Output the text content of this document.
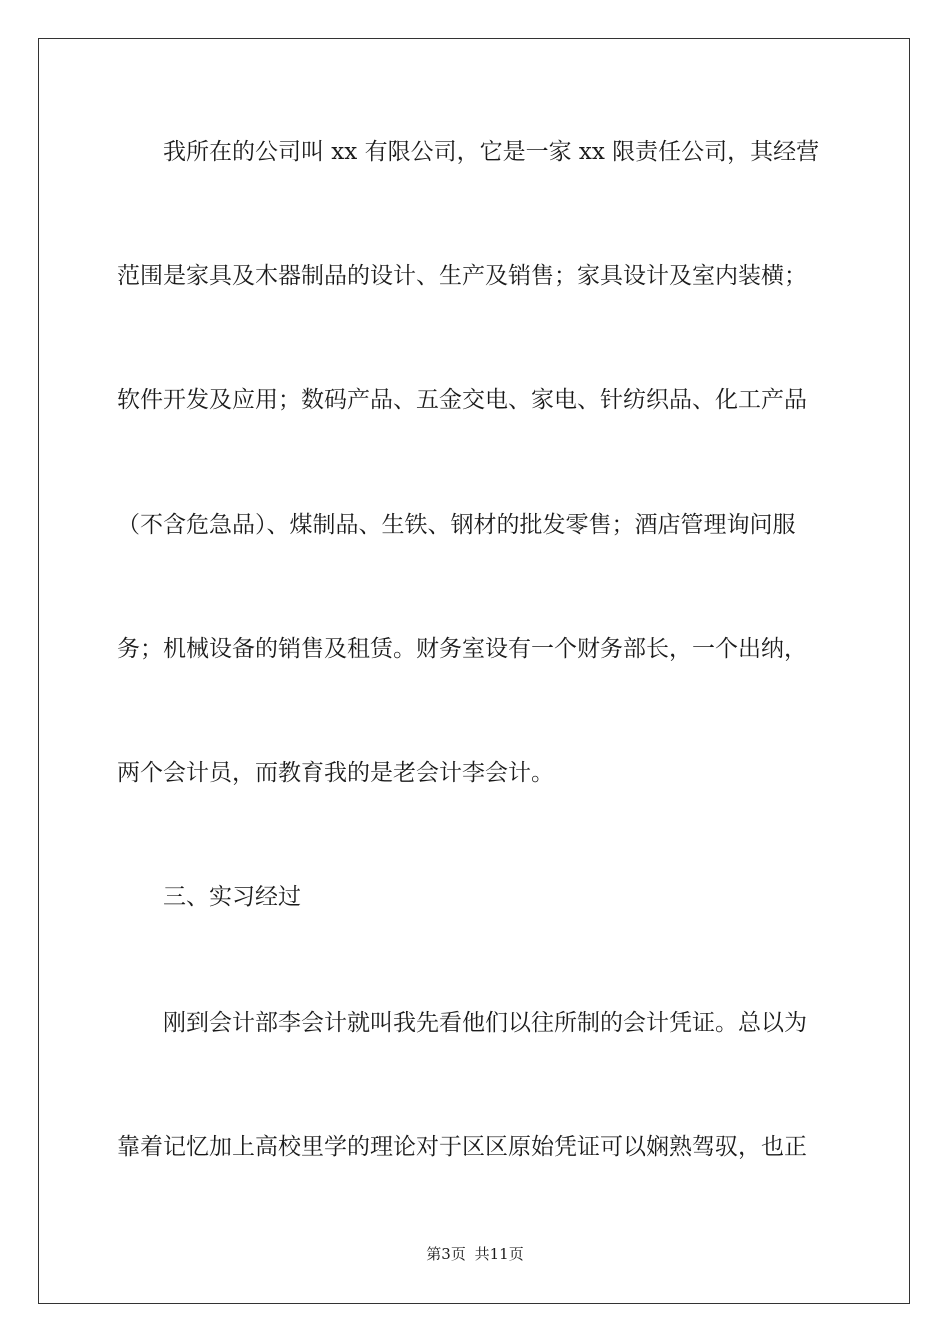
我所在的公司叫 xx 有限公司，它是一家 xx 限责任公司，其经营
范围是家具及木器制品的设计、生产及销售；家具设计及室内装横；
软件开发及应用；数码产品、五金交电、家电、针纺织品、化工产品
（不含危急品）、煤制品、生铁、钢材的批发零售；酒店管理询问服
务；机械设备的销售及租赁。财务室设有一个财务部长，一个出纳，
两个会计员，而教育我的是老会计李会计。
三、实习经过
刚到会计部李会计就叫我先看他们以往所制的会计凭证。总以为
靠着记忆加上高校里学的理论对于区区原始凭证可以娴熟驾驭，也正
第3页 共11页
